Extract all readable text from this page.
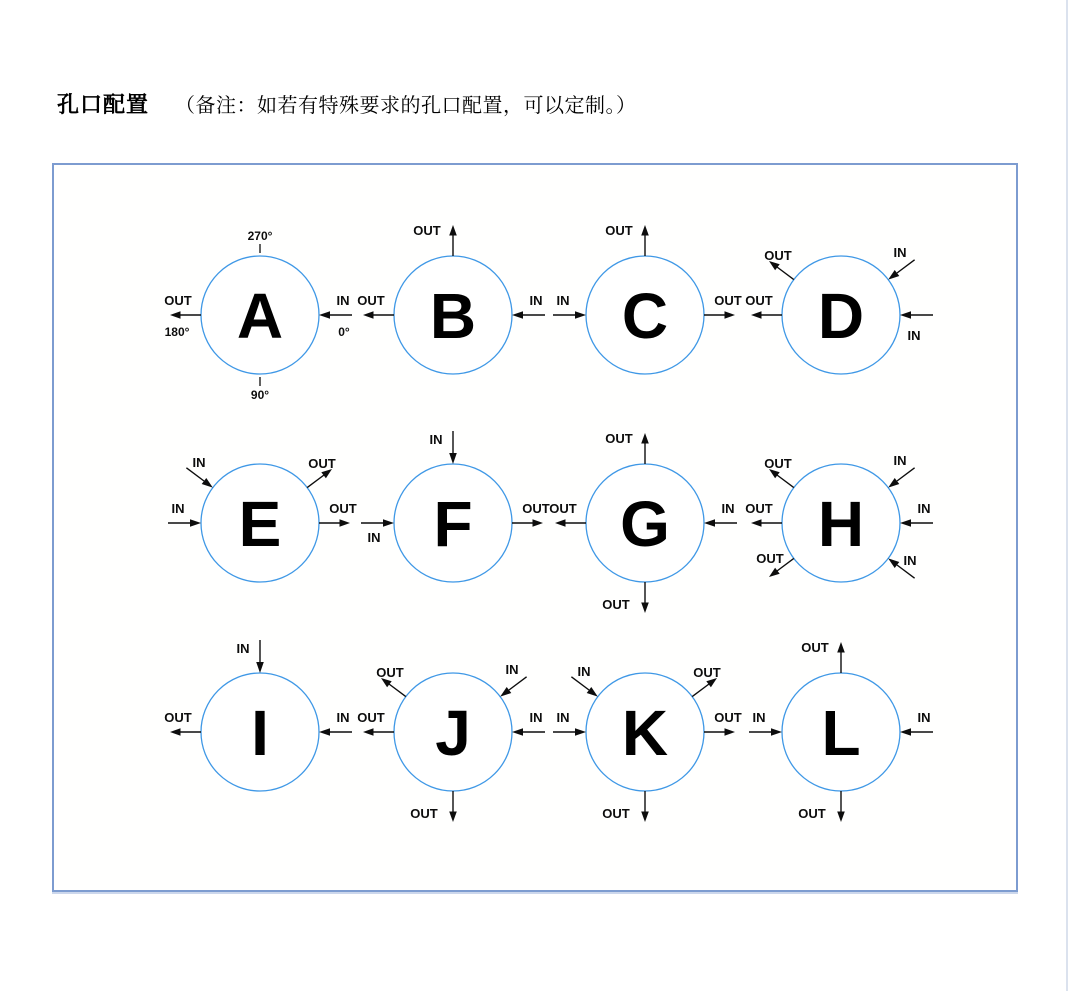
孔口配置 （备注：如若有特殊要求的孔口配置，可以定制。）
A
270°
90°
OUT
180°
IN
0° B
OUT
OUT	IN C
OUT
IN	OUT D
OUT
OUT
IN
IN
E
IN
IN
OUT
OUT F
IN
IN
OUT G
OUT
OUT	IN
OUT
H
OUT
OUT
OUT
IN
IN
IN
I
IN
OUT	IN J
OUT
OUT
IN
IN
OUT
K
IN
IN
OUT
OUT
OUT
L
OUT
IN	IN
OUT
